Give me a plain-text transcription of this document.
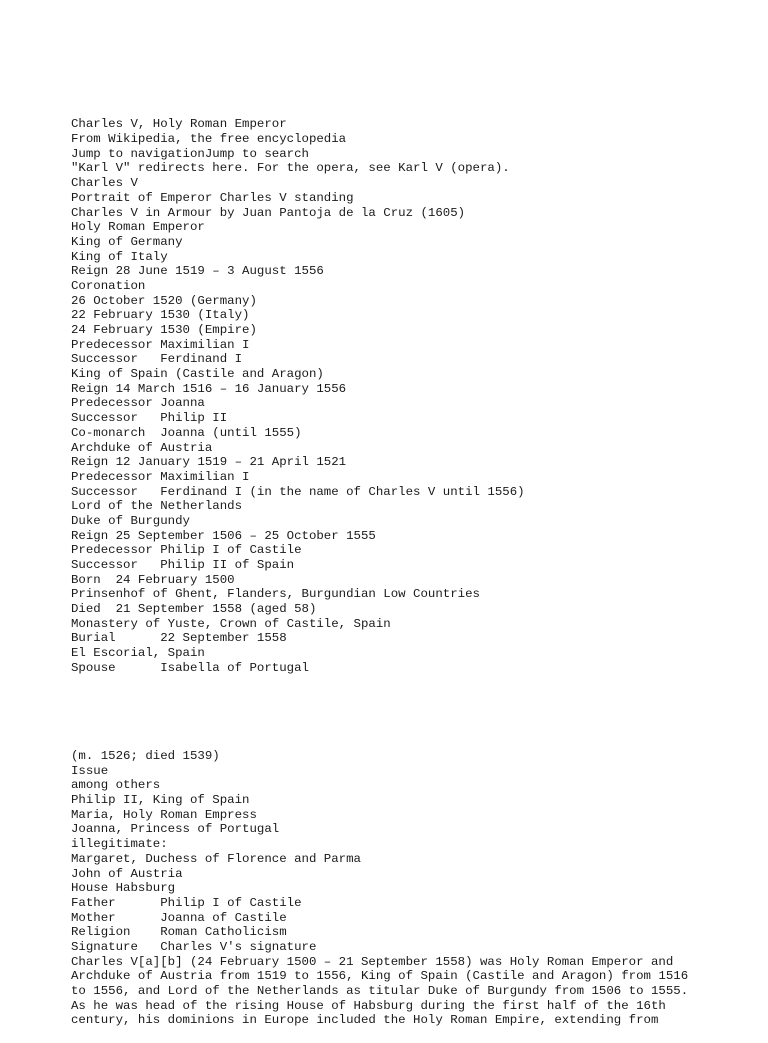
Charles V, Holy Roman Emperor
From Wikipedia, the free encyclopedia
Jump to navigationJump to search
"Karl V" redirects here. For the opera, see Karl V (opera).
Charles V
Portrait of Emperor Charles V standing
Charles V in Armour by Juan Pantoja de la Cruz (1605)
Holy Roman Emperor
King of Germany
King of Italy
Reign 28 June 1519 – 3 August 1556
Coronation
26 October 1520 (Germany)
22 February 1530 (Italy)
24 February 1530 (Empire)
Predecessor Maximilian I
Successor   Ferdinand I
King of Spain (Castile and Aragon)
Reign 14 March 1516 – 16 January 1556
Predecessor Joanna
Successor   Philip II
Co-monarch  Joanna (until 1555)
Archduke of Austria
Reign 12 January 1519 – 21 April 1521
Predecessor Maximilian I
Successor   Ferdinand I (in the name of Charles V until 1556)
Lord of the Netherlands
Duke of Burgundy
Reign 25 September 1506 – 25 October 1555
Predecessor Philip I of Castile
Successor   Philip II of Spain
Born  24 February 1500
Prinsenhof of Ghent, Flanders, Burgundian Low Countries
Died  21 September 1558 (aged 58)
Monastery of Yuste, Crown of Castile, Spain
Burial      22 September 1558
El Escorial, Spain
Spouse      Isabella of Portugal

(m. 1526; died 1539)
Issue
among others
Philip II, King of Spain
Maria, Holy Roman Empress
Joanna, Princess of Portugal
illegitimate:
Margaret, Duchess of Florence and Parma
John of Austria
House Habsburg
Father      Philip I of Castile
Mother      Joanna of Castile
Religion    Roman Catholicism
Signature   Charles V's signature
Charles V[a][b] (24 February 1500 – 21 September 1558) was Holy Roman Emperor and
Archduke of Austria from 1519 to 1556, King of Spain (Castile and Aragon) from 1516
to 1556, and Lord of the Netherlands as titular Duke of Burgundy from 1506 to 1555.
As he was head of the rising House of Habsburg during the first half of the 16th
century, his dominions in Europe included the Holy Roman Empire, extending from
